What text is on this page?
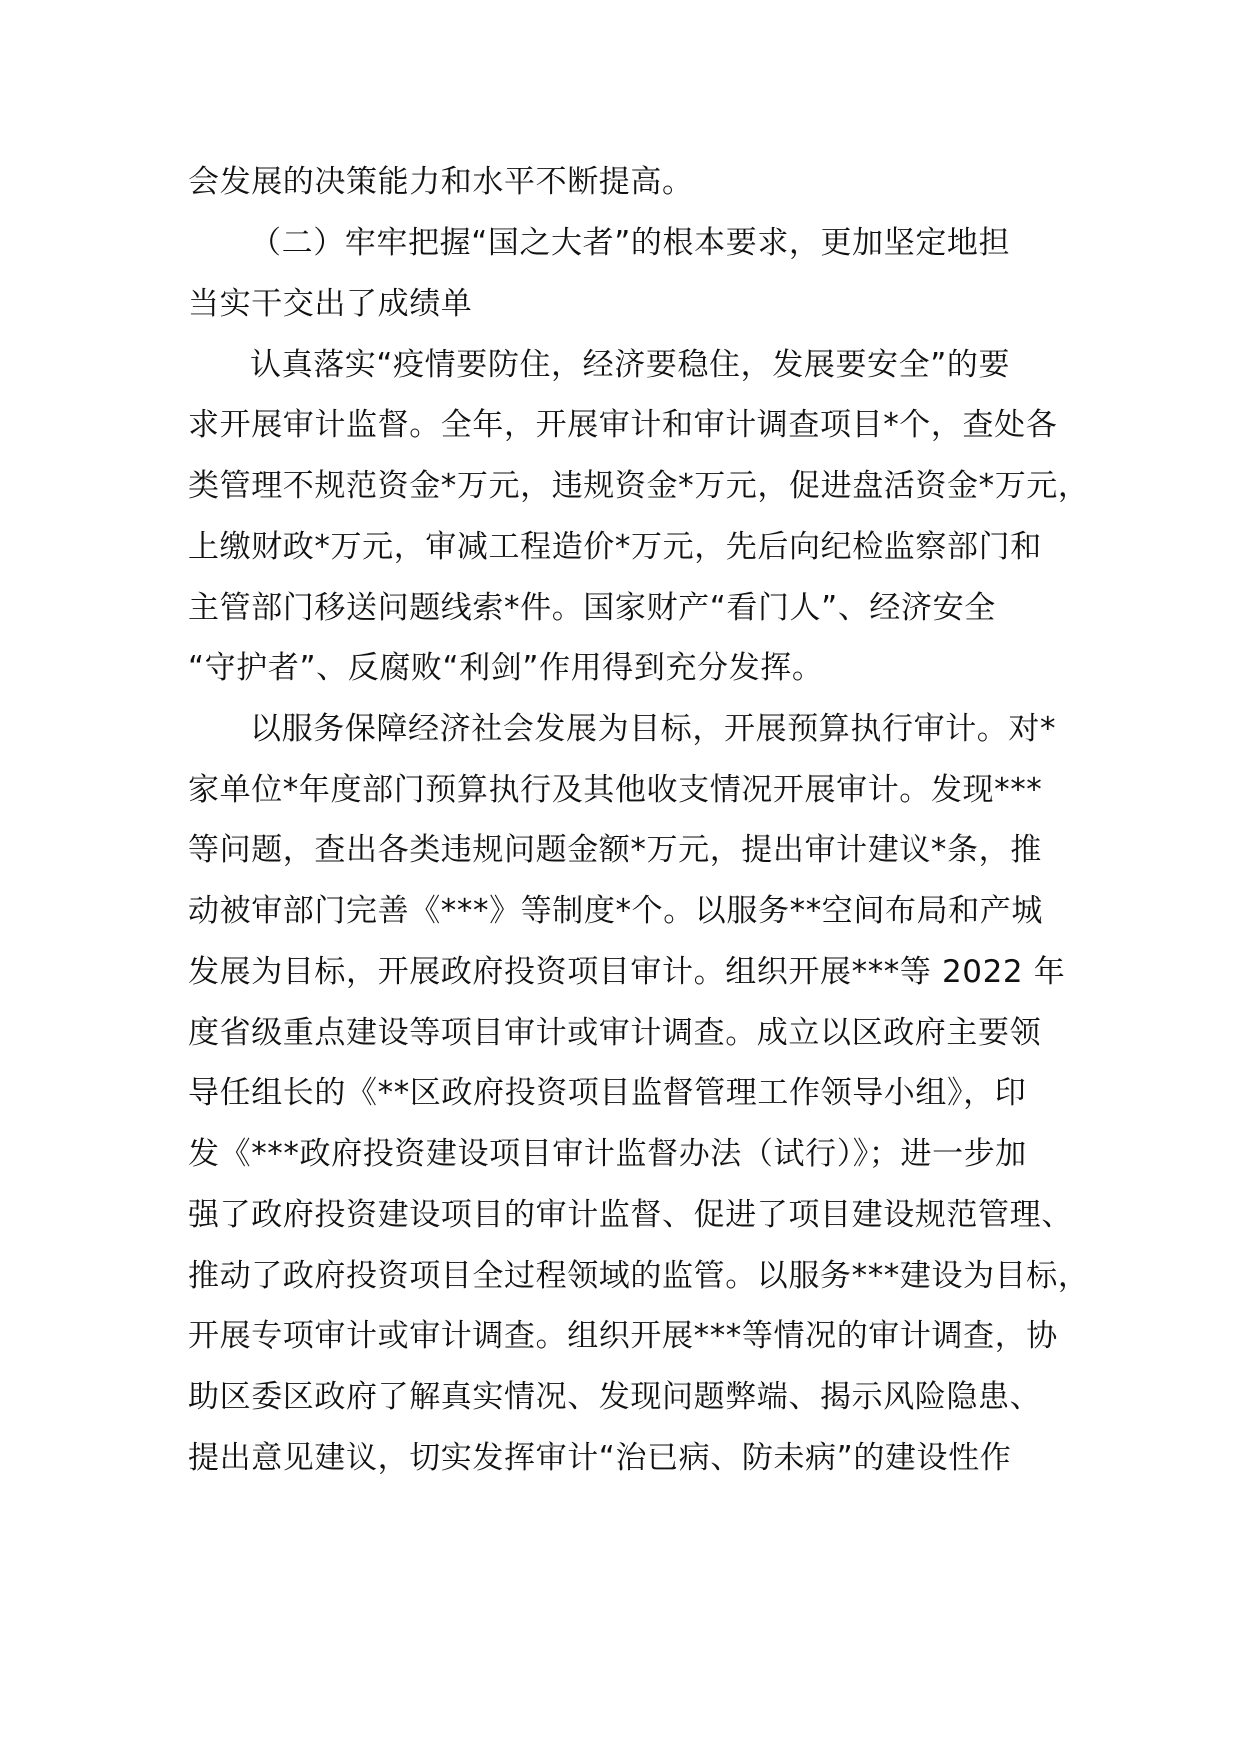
会发展的决策能力和水平不断提高。

（二）牢牢把握“国之大者”的根本要求，更加坚定地担

当实干交出了成绩单

认真落实“疫情要防住，经济要稳住，发展要安全”的要

求开展审计监督。全年，开展审计和审计调查项目*个，查处各

类管理不规范资金*万元，违规资金*万元，促进盘活资金*万元，

上缴财政*万元，审减工程造价*万元，先后向纪检监察部门和

主管部门移送问题线索*件。国家财产“看门人”、经济安全

“守护者”、反腐败“利剑”作用得到充分发挥。

以服务保障经济社会发展为目标，开展预算执行审计。对*

家单位*年度部门预算执行及其他收支情况开展审计。发现***

等问题，查出各类违规问题金额*万元，提出审计建议*条，推

动被审部门完善《***》等制度*个。以服务**空间布局和产城

发展为目标，开展政府投资项目审计。组织开展***等 2022 年

度省级重点建设等项目审计或审计调查。成立以区政府主要领

导任组长的《**区政府投资项目监督管理工作领导小组》，印

发《***政府投资建设项目审计监督办法（试行）》；进一步加

强了政府投资建设项目的审计监督、促进了项目建设规范管理、

推动了政府投资项目全过程领域的监管。以服务***建设为目标，

开展专项审计或审计调查。组织开展***等情况的审计调查，协

助区委区政府了解真实情况、发现问题弊端、揭示风险隐患、

提出意见建议，切实发挥审计“治已病、防未病”的建设性作
